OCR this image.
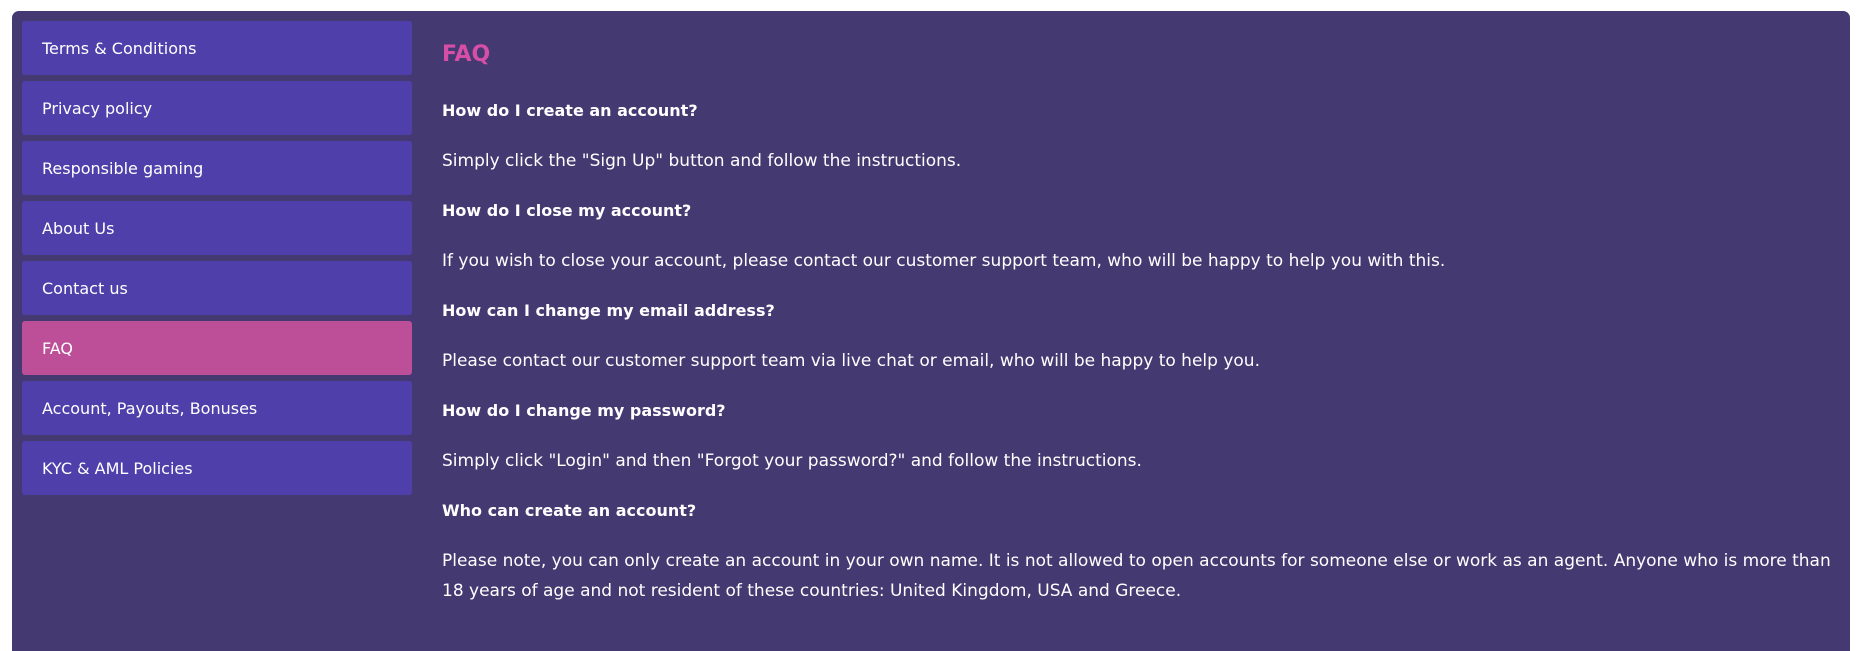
Terms & Conditions
Privacy policy
Responsible gaming
About Us
Contact us
FAQ
Account, Payouts, Bonuses
KYC & AML Policies
FAQ

How do I create an account?

Simply click the "Sign Up" button and follow the instructions.

How do I close my account?

If you wish to close your account, please contact our customer support team, who will be happy to help you with this.

How can I change my email address?

Please contact our customer support team via live chat or email, who will be happy to help you.

How do I change my password?

Simply click "Login" and then "Forgot your password?" and follow the instructions.

Who can create an account?

Please note, you can only create an account in your own name. It is not allowed to open accounts for someone else or work as an agent. Anyone who is more than 18 years of age and not resident of these countries: United Kingdom, USA and Greece.
